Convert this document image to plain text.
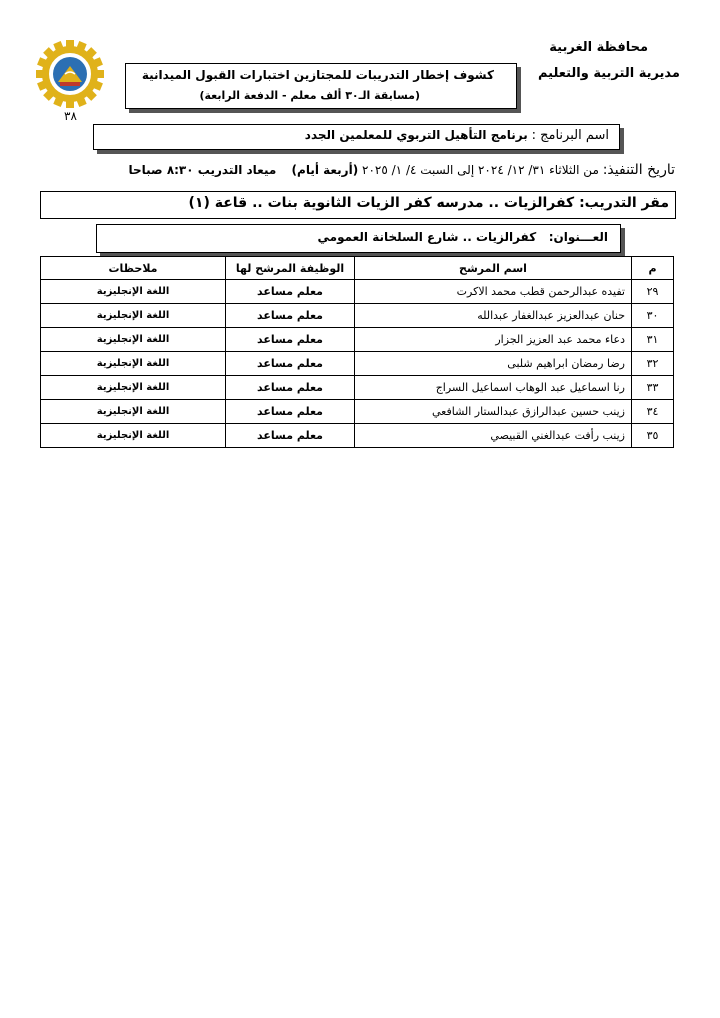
محافظة الغربية
مديرية التربية والتعليم
كشوف إخطار التدريبات للمجتازين اختبارات القبول الميدانية
(مسابقة الـ٣٠ ألف معلم - الدفعة الرابعة)
٣٨
اسم البرنامج : برنامج التأهيل التربوي للمعلمين الجدد
تاريخ التنفيذ: من الثلاثاء ٣١/ ١٢/ ٢٠٢٤ إلى السبت ٤/ ١/ ٢٠٢٥ (أربعة أيام)    ميعاد التدريب ٨:٣٠ صباحا
مقر التدريب: كفرالزيات .. مدرسه كفر الزيات الثانوية بنات .. قاعة (١)
العـــنوان:   كفرالزيات .. شارع السلخانة العمومي
م	اسم المرشح	الوظيفة المرشح لها	ملاحظات
٢٩	تفيده عبدالرحمن قطب محمد الاكرت	معلم مساعد	اللغة الإنجليزية
٣٠	حنان عبدالعزيز عبدالغفار عبدالله	معلم مساعد	اللغة الإنجليزية
٣١	دعاء محمد عبد العزيز الجزار	معلم مساعد	اللغة الإنجليزية
٣٢	رضا رمضان ابراهيم شلبى	معلم مساعد	اللغة الإنجليزية
٣٣	رنا اسماعيل عبد الوهاب اسماعيل السراج	معلم مساعد	اللغة الإنجليزية
٣٤	زينب حسين عبدالرازق عبدالستار الشافعي	معلم مساعد	اللغة الإنجليزية
٣٥	زينب رأفت عبدالغني القبيصي	معلم مساعد	اللغة الإنجليزية
